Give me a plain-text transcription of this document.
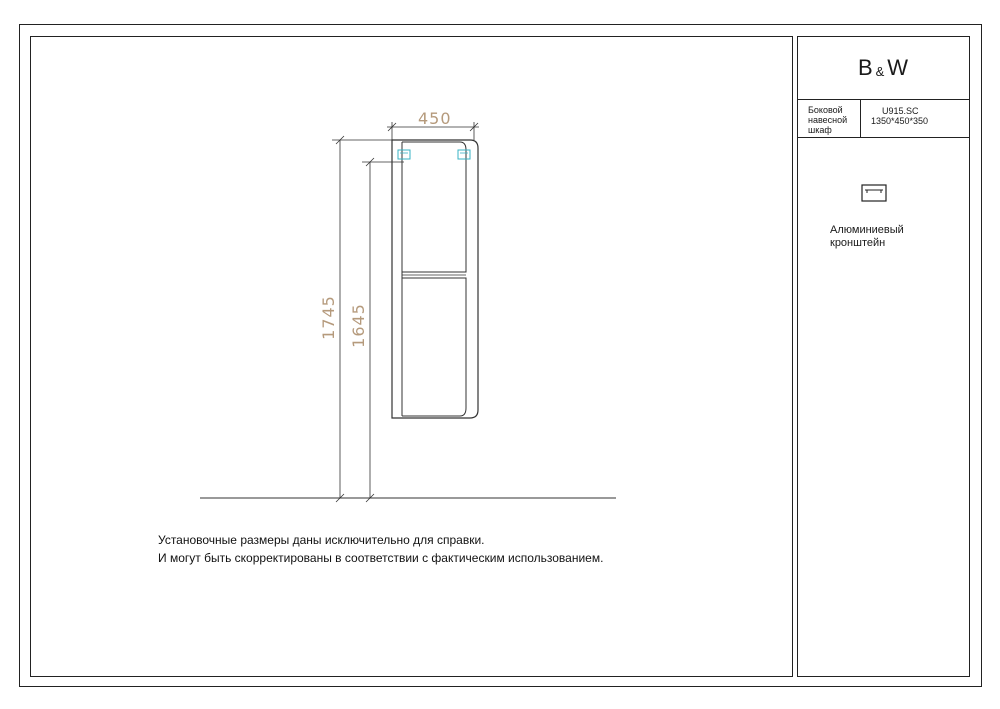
450
1745 1645
Установочные размеры даны исключительно для справки.
И могут быть скорректированы в соответствии с фактическим использованием.
B & W
Боковой
навесной
шкаф
U915.SC
1350*450*350
Алюминиевый
кронштейн
